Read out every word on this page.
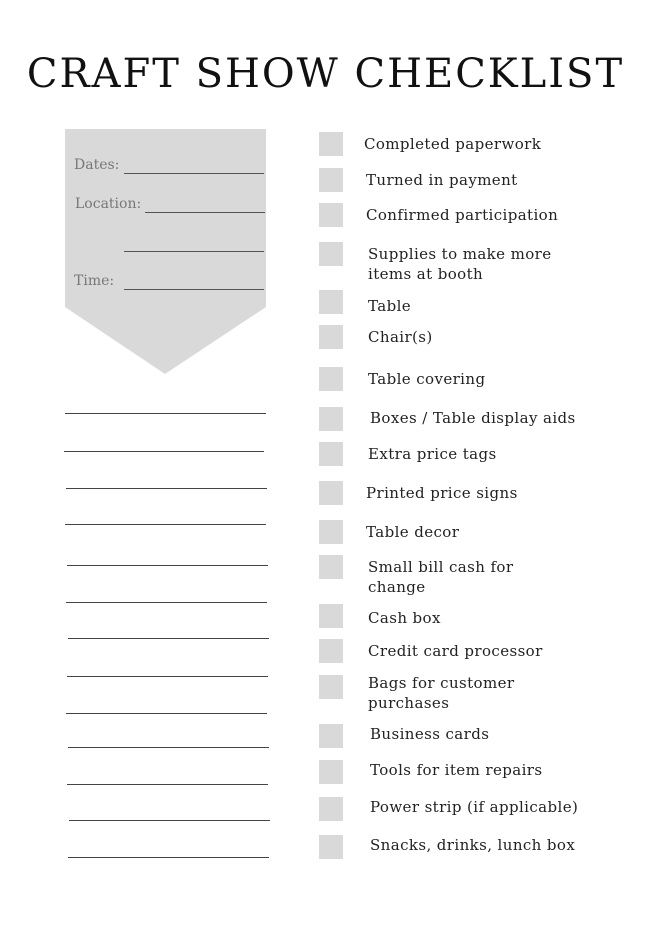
CRAFT SHOW CHECKLIST
Dates:
Location:
Time:
Completed paperwork
Turned in payment
Confirmed participation
Supplies to make more items at booth
Table
Chair(s)
Table covering
Boxes / Table display aids
Extra price tags
Printed price signs
Table decor
Small bill cash for change
Cash box
Credit card processor
Bags for customer purchases
Business cards
Tools for item repairs
Power strip (if applicable)
Snacks, drinks, lunch box
